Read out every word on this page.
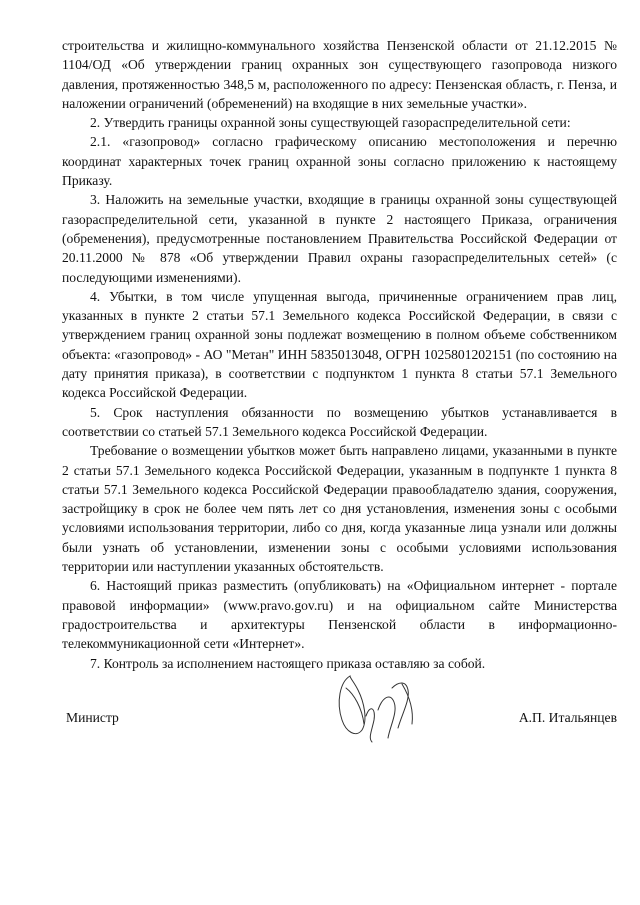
строительства и жилищно-коммунального хозяйства Пензенской области от 21.12.2015 № 1104/ОД «Об утверждении границ охранных зон существующего газопровода низкого давления, протяженностью 348,5 м, расположенного по адресу: Пензенская область, г. Пенза, и наложении ограничений (обременений) на входящие в них земельные участки».

2. Утвердить границы охранной зоны существующей газораспределительной сети:

2.1. «газопровод» согласно графическому описанию местоположения и перечню координат характерных точек границ охранной зоны согласно приложению к настоящему Приказу.

3. Наложить на земельные участки, входящие в границы охранной зоны существующей газораспределительной сети, указанной в пункте 2 настоящего Приказа, ограничения (обременения), предусмотренные постановлением Правительства Российской Федерации от 20.11.2000 № 878 «Об утверждении Правил охраны газораспределительных сетей» (с последующими изменениями).

4. Убытки, в том числе упущенная выгода, причиненные ограничением прав лиц, указанных в пункте 2 статьи 57.1 Земельного кодекса Российской Федерации, в связи с утверждением границ охранной зоны подлежат возмещению в полном объеме собственником объекта: «газопровод» - АО "Метан" ИНН 5835013048, ОГРН 1025801202151 (по состоянию на дату принятия приказа), в соответствии с подпунктом 1 пункта 8 статьи 57.1 Земельного кодекса Российской Федерации.

5. Срок наступления обязанности по возмещению убытков устанавливается в соответствии со статьей 57.1 Земельного кодекса Российской Федерации.

Требование о возмещении убытков может быть направлено лицами, указанными в пункте 2 статьи 57.1 Земельного кодекса Российской Федерации, указанным в подпункте 1 пункта 8 статьи 57.1 Земельного кодекса Российской Федерации правообладателю здания, сооружения, застройщику в срок не более чем пять лет со дня установления, изменения зоны с особыми условиями использования территории, либо со дня, когда указанные лица узнали или должны были узнать об установлении, изменении зоны с особыми условиями использования территории или наступлении указанных обстоятельств.

6. Настоящий приказ разместить (опубликовать) на «Официальном интернет - портале правовой информации» (www.pravo.gov.ru) и на официальном сайте Министерства градостроительства и архитектуры Пензенской области в информационно-телекоммуникационной сети «Интернет».

7. Контроль за исполнением настоящего приказа оставляю за собой.

Министр	А.П. Итальянцев
